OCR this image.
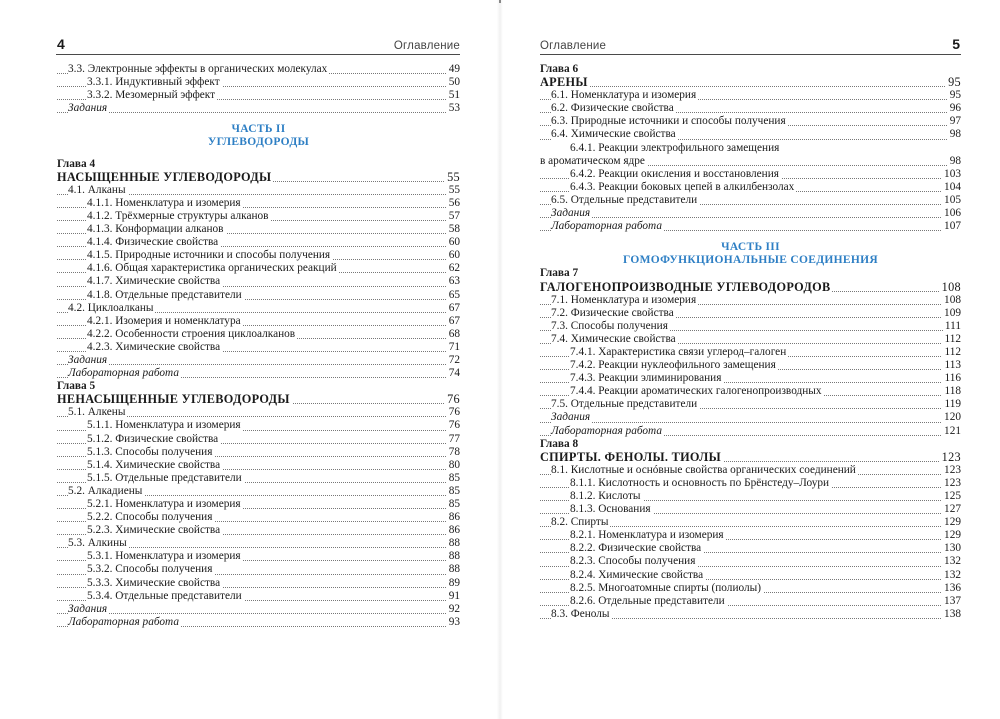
4	Оглавление
3.3. Электронные эффекты в органических молекулах	49
3.3.1. Индуктивный эффект	50
3.3.2. Мезомерный эффект	51
Задания	53
ЧАСТЬ II
УГЛЕВОДОРОДЫ
Глава 4
НАСЫЩЕННЫЕ УГЛЕВОДОРОДЫ	55
4.1. Алканы	55
4.1.1. Номенклатура и изомерия	56
4.1.2. Трёхмерные структуры алканов	57
4.1.3. Конформации алканов	58
4.1.4. Физические свойства	60
4.1.5. Природные источники и способы получения	60
4.1.6. Общая характеристика органических реакций	62
4.1.7. Химические свойства	63
4.1.8. Отдельные представители	65
4.2. Циклоалканы	67
4.2.1. Изомерия и номенклатура	67
4.2.2. Особенности строения циклоалканов	68
4.2.3. Химические свойства	71
Задания	72
Лабораторная работа	74
Глава 5
НЕНАСЫЩЕННЫЕ УГЛЕВОДОРОДЫ	76
5.1. Алкены	76
5.1.1. Номенклатура и изомерия	76
5.1.2. Физические свойства	77
5.1.3. Способы получения	78
5.1.4. Химические свойства	80
5.1.5. Отдельные представители	85
5.2. Алкадиены	85
5.2.1. Номенклатура и изомерия	85
5.2.2. Способы получения	86
5.2.3. Химические свойства	86
5.3. Алкины	88
5.3.1. Номенклатура и изомерия	88
5.3.2. Способы получения	88
5.3.3. Химические свойства	89
5.3.4. Отдельные представители	91
Задания	92
Лабораторная работа	93
Оглавление	5
Глава 6
АРЕНЫ	95
6.1. Номенклатура и изомерия	95
6.2. Физические свойства	96
6.3. Природные источники и способы получения	97
6.4. Химические свойства	98
6.4.1. Реакции электрофильного замещения
в ароматическом ядре	98
6.4.2. Реакции окисления и восстановления	103
6.4.3. Реакции боковых цепей в алкилбензолах	104
6.5. Отдельные представители	105
Задания	106
Лабораторная работа	107
ЧАСТЬ III
ГОМОФУНКЦИОНАЛЬНЫЕ СОЕДИНЕНИЯ
Глава 7
ГАЛОГЕНОПРОИЗВОДНЫЕ УГЛЕВОДОРОДОВ	108
7.1. Номенклатура и изомерия	108
7.2. Физические свойства	109
7.3. Способы получения	111
7.4. Химические свойства	112
7.4.1. Характеристика связи углерод–галоген	112
7.4.2. Реакции нуклеофильного замещения	113
7.4.3. Реакции элиминирования	116
7.4.4. Реакции ароматических галогенопроизводных	118
7.5. Отдельные представители	119
Задания	120
Лабораторная работа	121
Глава 8
СПИРТЫ. ФЕНОЛЫ. ТИОЛЫ	123
8.1. Кислотные и оснóвные свойства органических соединений	123
8.1.1. Кислотность и основность по Брёнстеду–Лоури	123
8.1.2. Кислоты	125
8.1.3. Основания	127
8.2. Спирты	129
8.2.1. Номенклатура и изомерия	129
8.2.2. Физические свойства	130
8.2.3. Способы получения	132
8.2.4. Химические свойства	132
8.2.5. Многоатомные спирты (полиолы)	136
8.2.6. Отдельные представители	137
8.3. Фенолы	138
